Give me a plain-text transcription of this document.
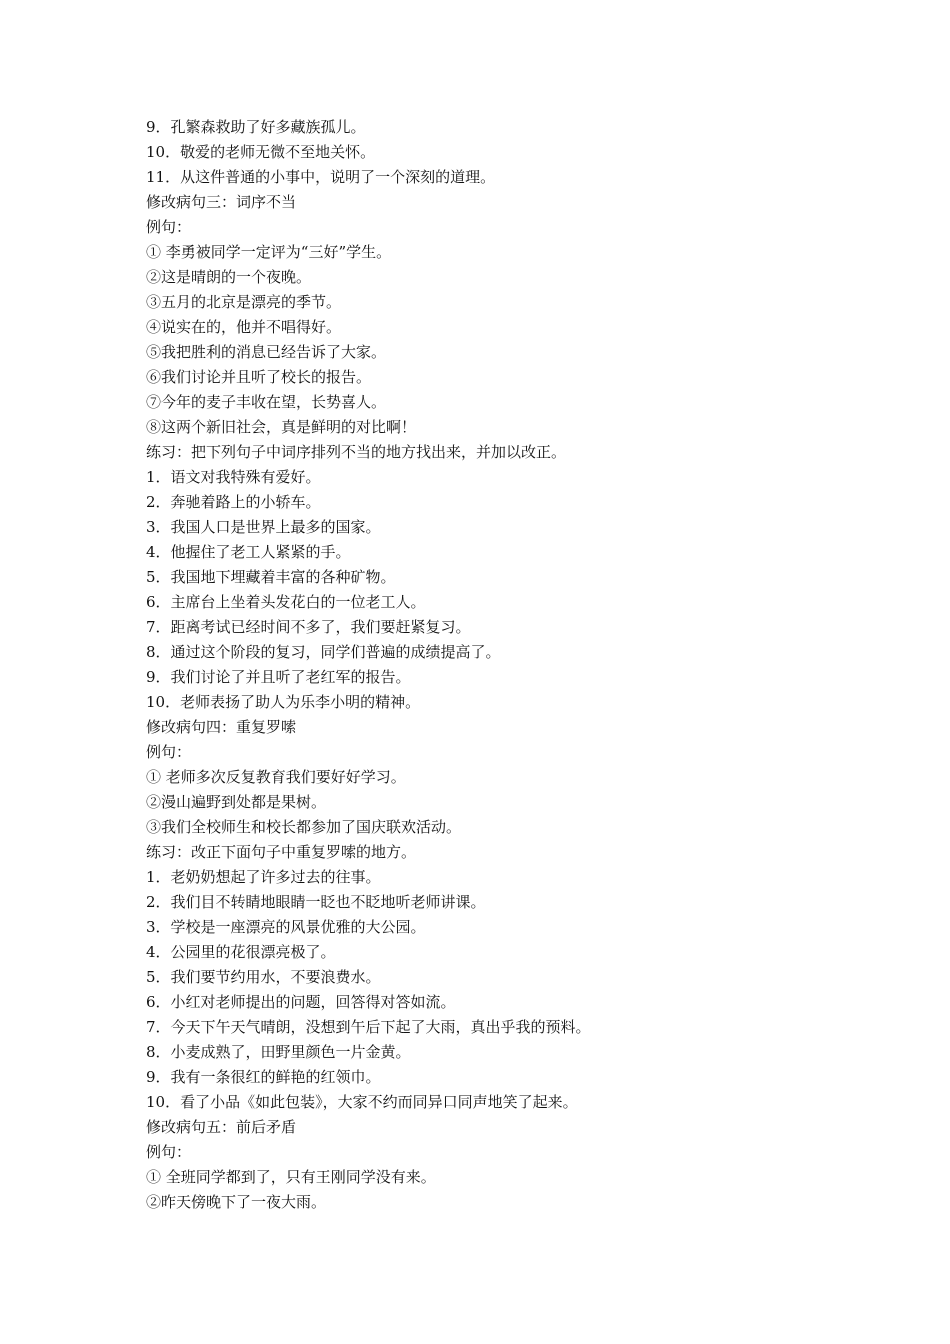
9．孔繁森救助了好多藏族孤儿。
10．敬爱的老师无微不至地关怀。
11．从这件普通的小事中，说明了一个深刻的道理。
修改病句三：词序不当
例句：
① 李勇被同学一定评为“三好”学生。
②这是晴朗的一个夜晚。
③五月的北京是漂亮的季节。
④说实在的，他并不唱得好。
⑤我把胜利的消息已经告诉了大家。
⑥我们讨论并且听了校长的报告。
⑦今年的麦子丰收在望，长势喜人。
⑧这两个新旧社会，真是鲜明的对比啊！
练习：把下列句子中词序排列不当的地方找出来，并加以改正。
1．语文对我特殊有爱好。
2．奔驰着路上的小轿车。
3．我国人口是世界上最多的国家。
4．他握住了老工人紧紧的手。
5．我国地下埋藏着丰富的各种矿物。
6．主席台上坐着头发花白的一位老工人。
7．距离考试已经时间不多了，我们要赶紧复习。
8．通过这个阶段的复习，同学们普遍的成绩提高了。
9．我们讨论了并且听了老红军的报告。
10．老师表扬了助人为乐李小明的精神。
修改病句四：重复罗嗦
例句：
① 老师多次反复教育我们要好好学习。
②漫山遍野到处都是果树。
③我们全校师生和校长都参加了国庆联欢活动。
练习：改正下面句子中重复罗嗦的地方。
1．老奶奶想起了许多过去的往事。
2．我们目不转睛地眼睛一眨也不眨地听老师讲课。
3．学校是一座漂亮的风景优雅的大公园。
4．公园里的花很漂亮极了。
5．我们要节约用水，不要浪费水。
6．小红对老师提出的问题，回答得对答如流。
7．今天下午天气晴朗，没想到午后下起了大雨，真出乎我的预料。
8．小麦成熟了，田野里颜色一片金黄。
9．我有一条很红的鲜艳的红领巾。
10．看了小品《如此包装》，大家不约而同异口同声地笑了起来。
修改病句五：前后矛盾
例句：
① 全班同学都到了，只有王刚同学没有来。
②昨天傍晚下了一夜大雨。
